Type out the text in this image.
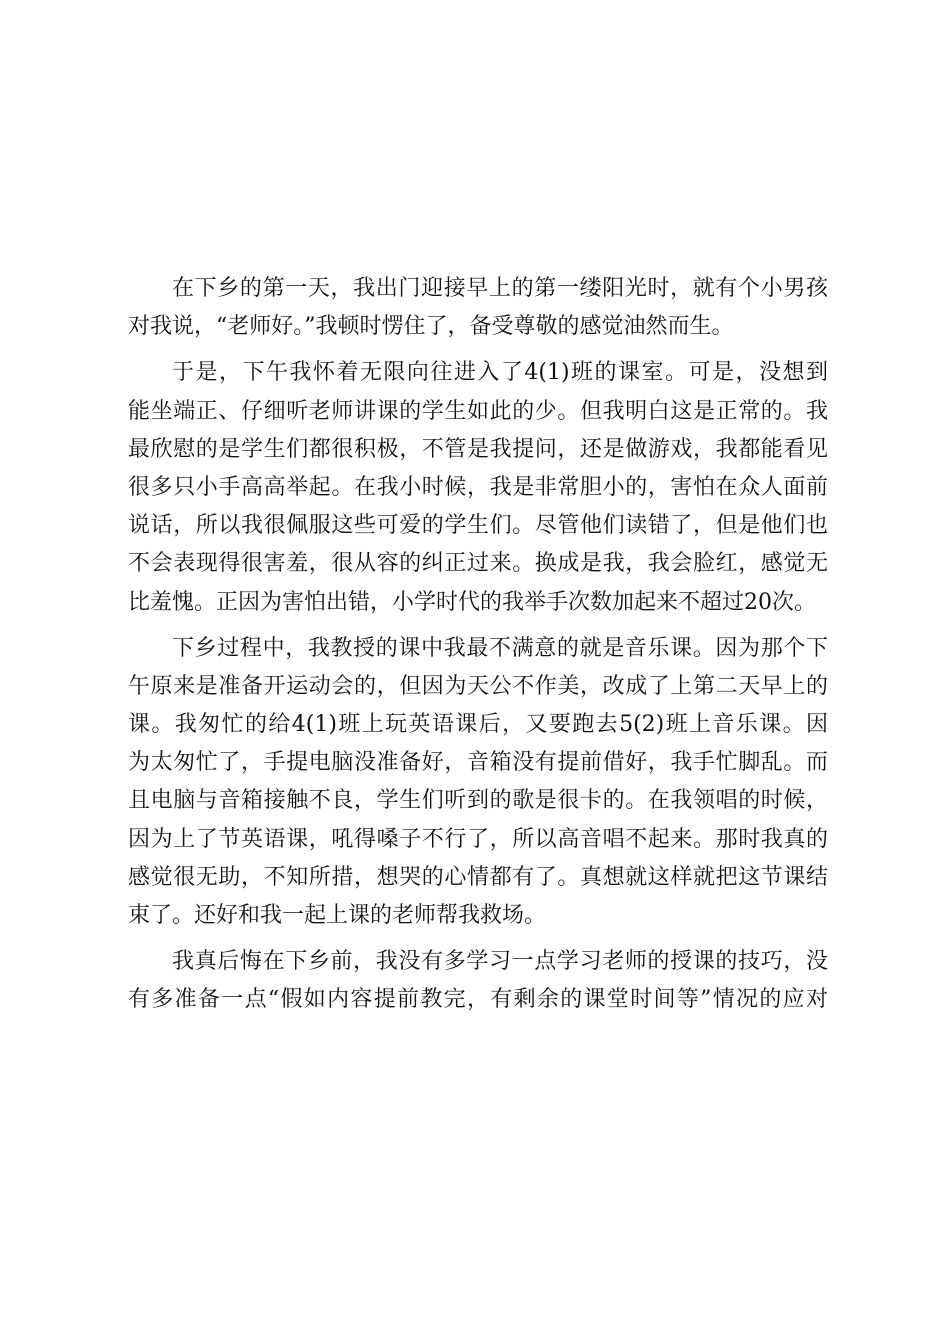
在下乡的第一天，我出门迎接早上的第一缕阳光时，就有个小男孩
对我说，“老师好。”我顿时愣住了，备受尊敬的感觉油然而生。

于是，下午我怀着无限向往进入了4(1)班的课室。可是，没想到
能坐端正、仔细听老师讲课的学生如此的少。但我明白这是正常的。我
最欣慰的是学生们都很积极，不管是我提问，还是做游戏，我都能看见
很多只小手高高举起。在我小时候，我是非常胆小的，害怕在众人面前
说话，所以我很佩服这些可爱的学生们。尽管他们读错了，但是他们也
不会表现得很害羞，很从容的纠正过来。换成是我，我会脸红，感觉无
比羞愧。正因为害怕出错，小学时代的我举手次数加起来不超过20次。

下乡过程中，我教授的课中我最不满意的就是音乐课。因为那个下
午原来是准备开运动会的，但因为天公不作美，改成了上第二天早上的
课。我匆忙的给4(1)班上玩英语课后，又要跑去5(2)班上音乐课。因
为太匆忙了，手提电脑没准备好，音箱没有提前借好，我手忙脚乱。而
且电脑与音箱接触不良，学生们听到的歌是很卡的。在我领唱的时候，
因为上了节英语课，吼得嗓子不行了，所以高音唱不起来。那时我真的
感觉很无助，不知所措，想哭的心情都有了。真想就这样就把这节课结
束了。还好和我一起上课的老师帮我救场。

我真后悔在下乡前，我没有多学习一点学习老师的授课的技巧，没
有多准备一点“假如内容提前教完，有剩余的课堂时间等”情况的应对
